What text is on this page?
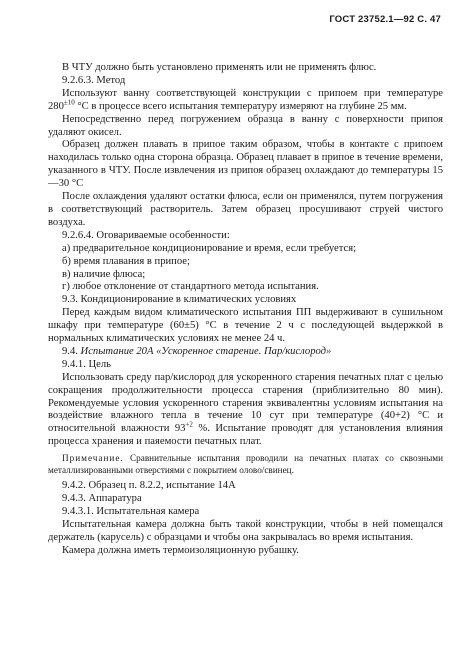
ГОСТ 23752.1—92 С. 47

В ЧТУ должно быть установлено применять или не применять флюс.

9.2.6.3. Метод

Используют ванну соответствующей конструкции с припоем при температуре $280^{\pm 10}$ °С в процессе всего испытания температуру измеряют на глубине 25 мм.

Непосредственно перед погружением образца в ванну с поверхности припоя удаляют окисел.

Образец должен плавать в припое таким образом, чтобы в контакте с припоем находилась только одна сторона образца. Образец плавает в припое в течение времени, указанного в ЧТУ. После извлечения из припоя образец охлаждают до температуры 15—30 °С

После охлаждения удаляют остатки флюса, если он применялся, путем погружения в соответствующий растворитель. Затем образец просушивают струей чистого воздуха.

9.2.6.4. Оговариваемые особенности:

а) предварительное кондиционирование и время, если требуется;

б) время плавания в припое;

в) наличие флюса;

г) любое отклонение от стандартного метода испытания.

9.3. Кондиционирование в климатических условиях

Перед каждым видом климатического испытания ПП выдерживают в сушильном шкафу при температуре (60±5) °С в течение 2 ч с последующей выдержкой в нормальных климатических условиях не менее 24 ч.

9.4. Испытание 20А «Ускоренное старение. Пар/кислород»

9.4.1. Цель

Использовать среду пар/кислород для ускоренного старения печатных плат с целью сокращения продолжительности процесса старения (приблизительно 80 мин). Рекомендуемые условия ускоренного старения эквивалентны условиям испытания на воздействие влажного тепла в течение 10 сут при температуре (40+2) °С и относительной влажности $93^{+2}$ %. Испытание проводят для установления влияния процесса хранения и паяемости печатных плат.

Примечание. Сравнительные испытания проводили на печатных платах со сквозными металлизированными отверстиями с покрытием олово/свинец.

9.4.2. Образец п. 8.2.2, испытание 14А

9.4.3. Аппаратура

9.4.3.1. Испытательная камера

Испытательная камера должна быть такой конструкции, чтобы в ней помещался держатель (карусель) с образцами и чтобы она закрывалась во время испытания.

Камера должна иметь термоизоляционную рубашку.
